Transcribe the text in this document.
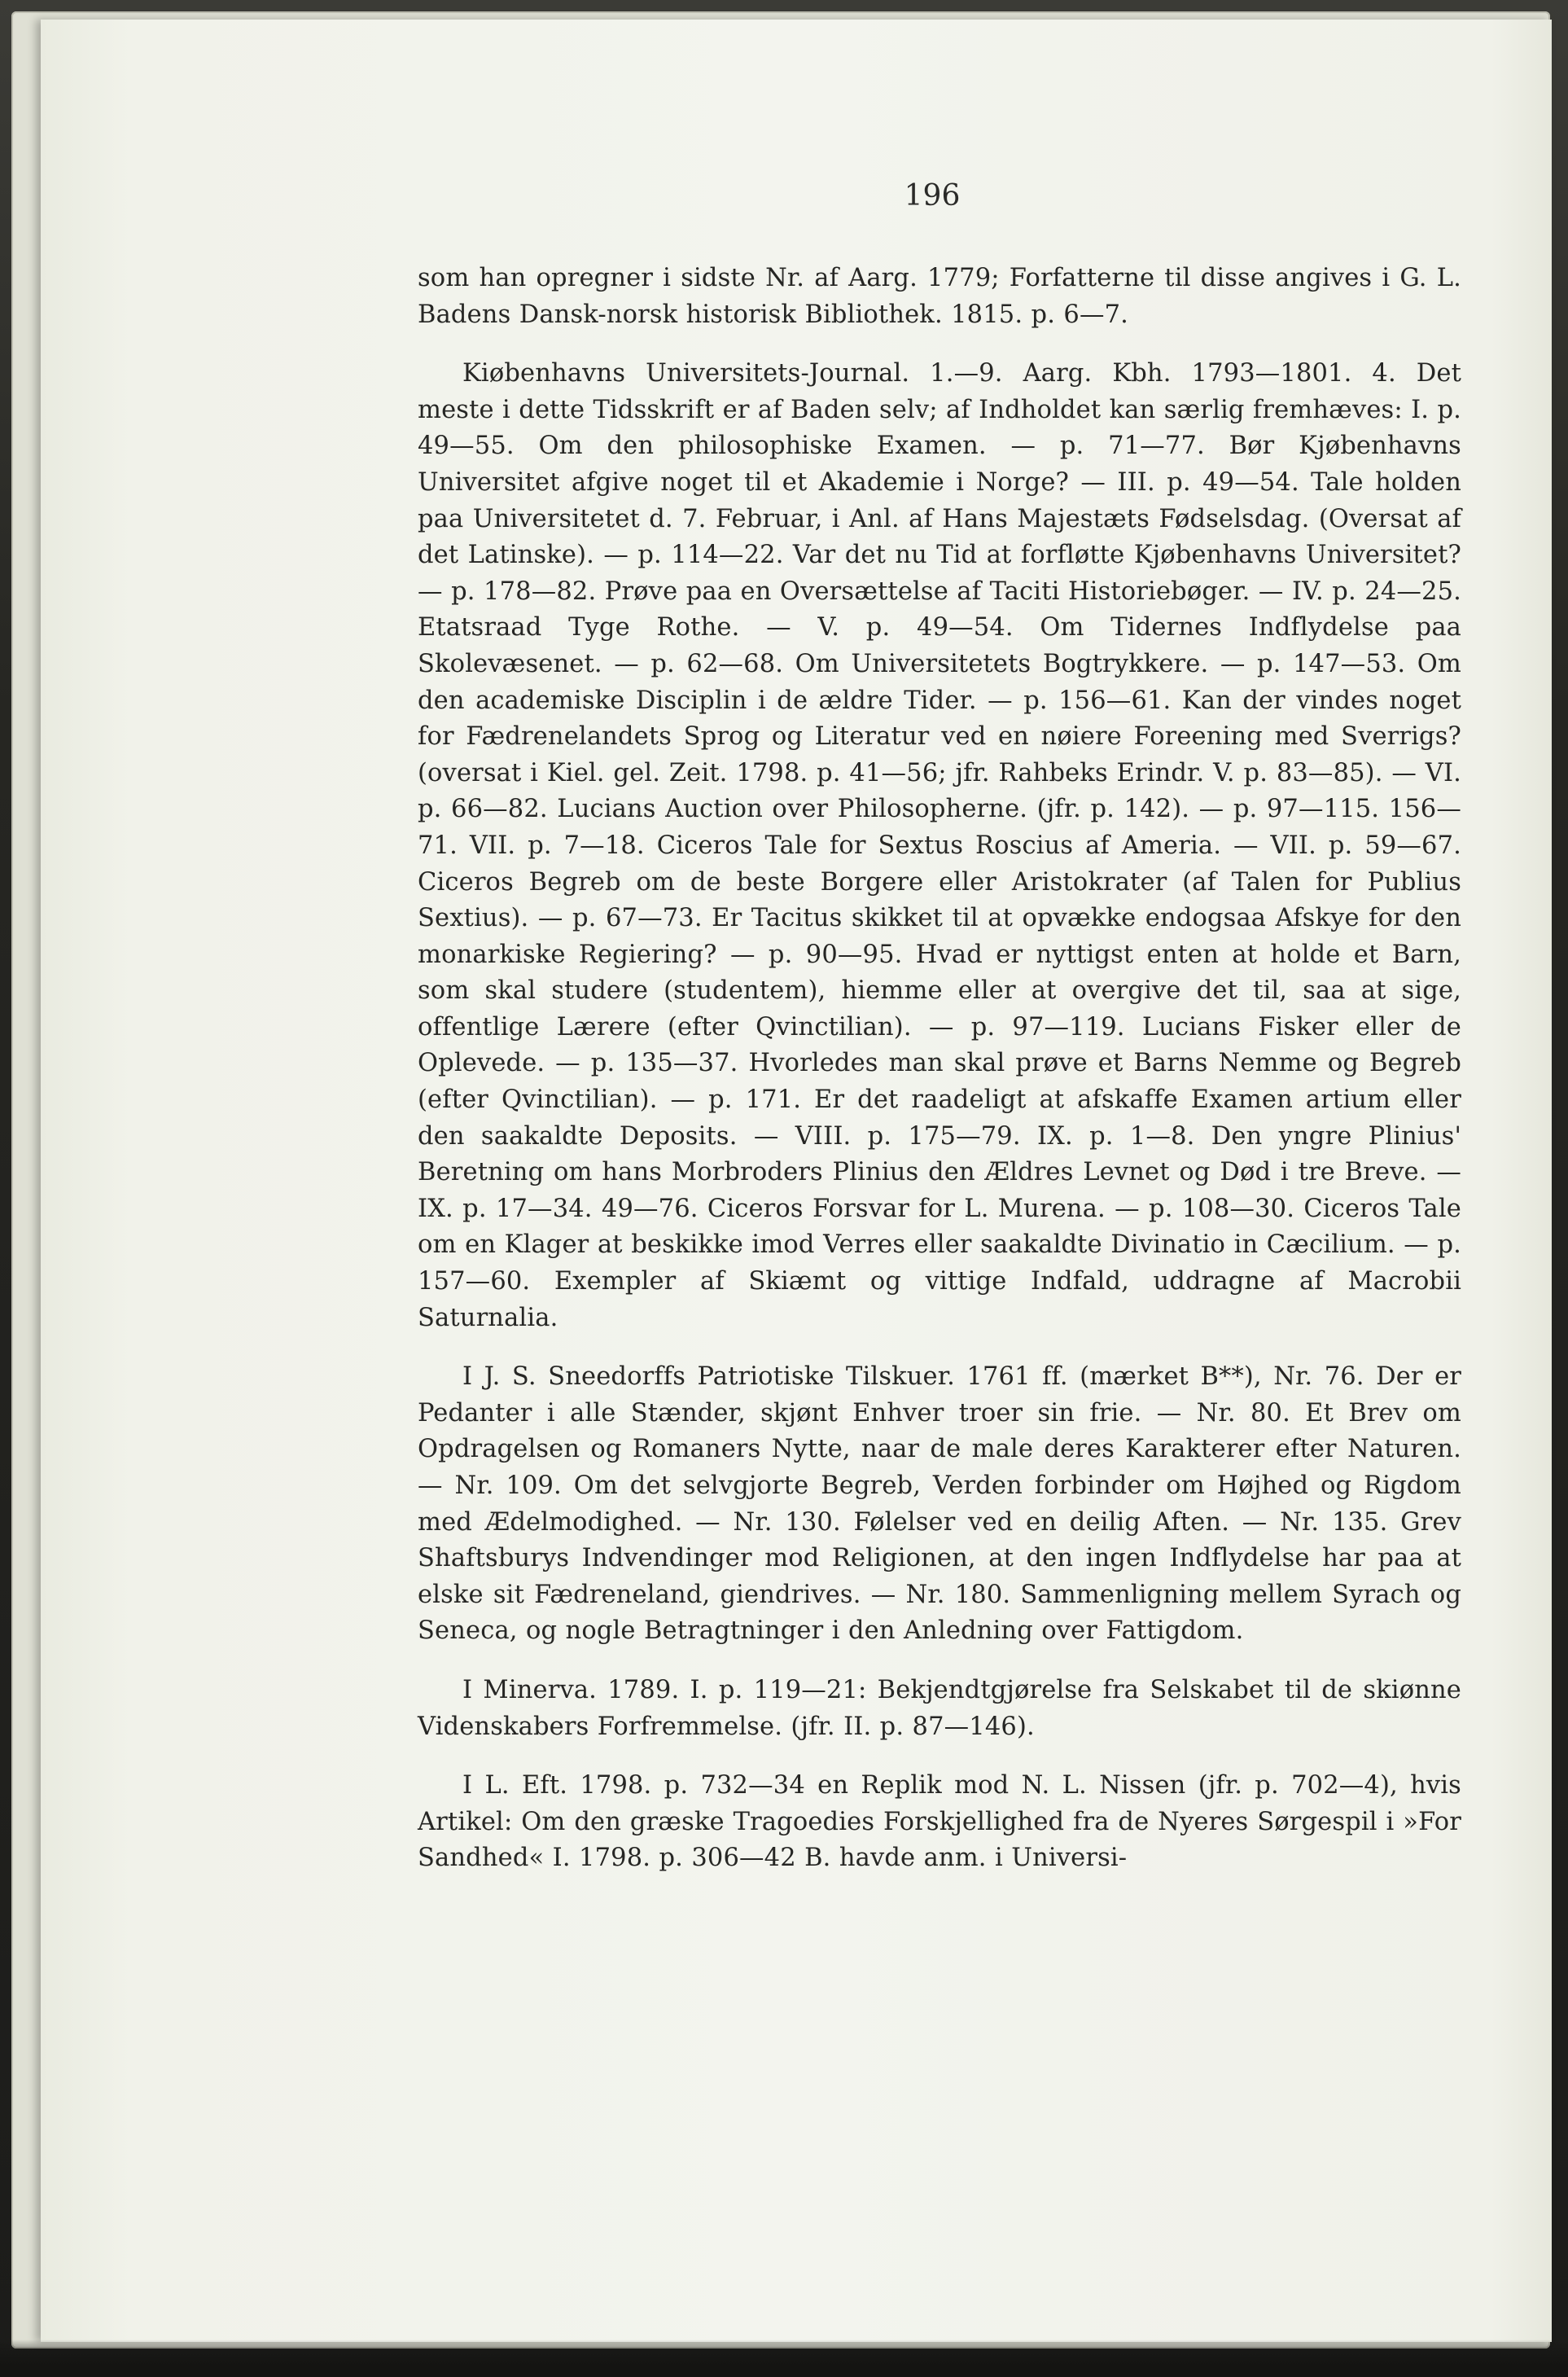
196

som han opregner i sidste Nr. af Aarg. 1779; Forfatterne til disse angives i G. L. Badens Dansk-norsk historisk Bibliothek. 1815. p. 6—7.

Kiøbenhavns Universitets-Journal. 1.—9. Aarg. Kbh. 1793—1801. 4. Det meste i dette Tidsskrift er af Baden selv; af Indholdet kan særlig fremhæves: I. p. 49—55. Om den philosophiske Examen. — p. 71—77. Bør Kjøbenhavns Universitet afgive noget til et Akademie i Norge? — III. p. 49—54. Tale holden paa Universitetet d. 7. Februar, i Anl. af Hans Majestæts Fødselsdag. (Oversat af det Latinske). — p. 114—22. Var det nu Tid at forfløtte Kjøbenhavns Universitet? — p. 178—82. Prøve paa en Oversættelse af Taciti Historiebøger. — IV. p. 24—25. Etatsraad Tyge Rothe. — V. p. 49—54. Om Tidernes Indflydelse paa Skolevæsenet. — p. 62—68. Om Universitetets Bogtrykkere. — p. 147—53. Om den academiske Disciplin i de ældre Tider. — p. 156—61. Kan der vindes noget for Fædrenelandets Sprog og Literatur ved en nøiere Foreening med Sverrigs? (oversat i Kiel. gel. Zeit. 1798. p. 41—56; jfr. Rahbeks Erindr. V. p. 83—85). — VI. p. 66—82. Lucians Auction over Philosopherne. (jfr. p. 142). — p. 97—115. 156—71. VII. p. 7—18. Ciceros Tale for Sextus Roscius af Ameria. — VII. p. 59—67. Ciceros Begreb om de beste Borgere eller Aristokrater (af Talen for Publius Sextius). — p. 67—73. Er Tacitus skikket til at opvække endogsaa Afskye for den monarkiske Regiering? — p. 90—95. Hvad er nyttigst enten at holde et Barn, som skal studere (studentem), hiemme eller at overgive det til, saa at sige, offentlige Lærere (efter Qvinctilian). — p. 97—119. Lucians Fisker eller de Oplevede. — p. 135—37. Hvorledes man skal prøve et Barns Nemme og Begreb (efter Qvinctilian). — p. 171. Er det raadeligt at afskaffe Examen artium eller den saakaldte Deposits. — VIII. p. 175—79. IX. p. 1—8. Den yngre Plinius' Beretning om hans Morbroders Plinius den Ældres Levnet og Død i tre Breve. — IX. p. 17—34. 49—76. Ciceros Forsvar for L. Murena. — p. 108—30. Ciceros Tale om en Klager at beskikke imod Verres eller saakaldte Divinatio in Cæcilium. — p. 157—60. Exempler af Skiæmt og vittige Indfald, uddragne af Macrobii Saturnalia.

I J. S. Sneedorffs Patriotiske Tilskuer. 1761 ff. (mærket B**), Nr. 76. Der er Pedanter i alle Stænder, skjønt Enhver troer sin frie. — Nr. 80. Et Brev om Opdragelsen og Romaners Nytte, naar de male deres Karakterer efter Naturen. — Nr. 109. Om det selvgjorte Begreb, Verden forbinder om Højhed og Rigdom med Ædelmodighed. — Nr. 130. Følelser ved en deilig Aften. — Nr. 135. Grev Shaftsburys Indvendinger mod Religionen, at den ingen Indflydelse har paa at elske sit Fædreneland, giendrives. — Nr. 180. Sammenligning mellem Syrach og Seneca, og nogle Betragtninger i den Anledning over Fattigdom.

I Minerva. 1789. I. p. 119—21: Bekjendtgjørelse fra Selskabet til de skiønne Videnskabers Forfremmelse. (jfr. II. p. 87—146).

I L. Eft. 1798. p. 732—34 en Replik mod N. L. Nissen (jfr. p. 702—4), hvis Artikel: Om den græske Tragoedies Forskjellighed fra de Nyeres Sørgespil i »For Sandhed« I. 1798. p. 306—42 B. havde anm. i Universi-
